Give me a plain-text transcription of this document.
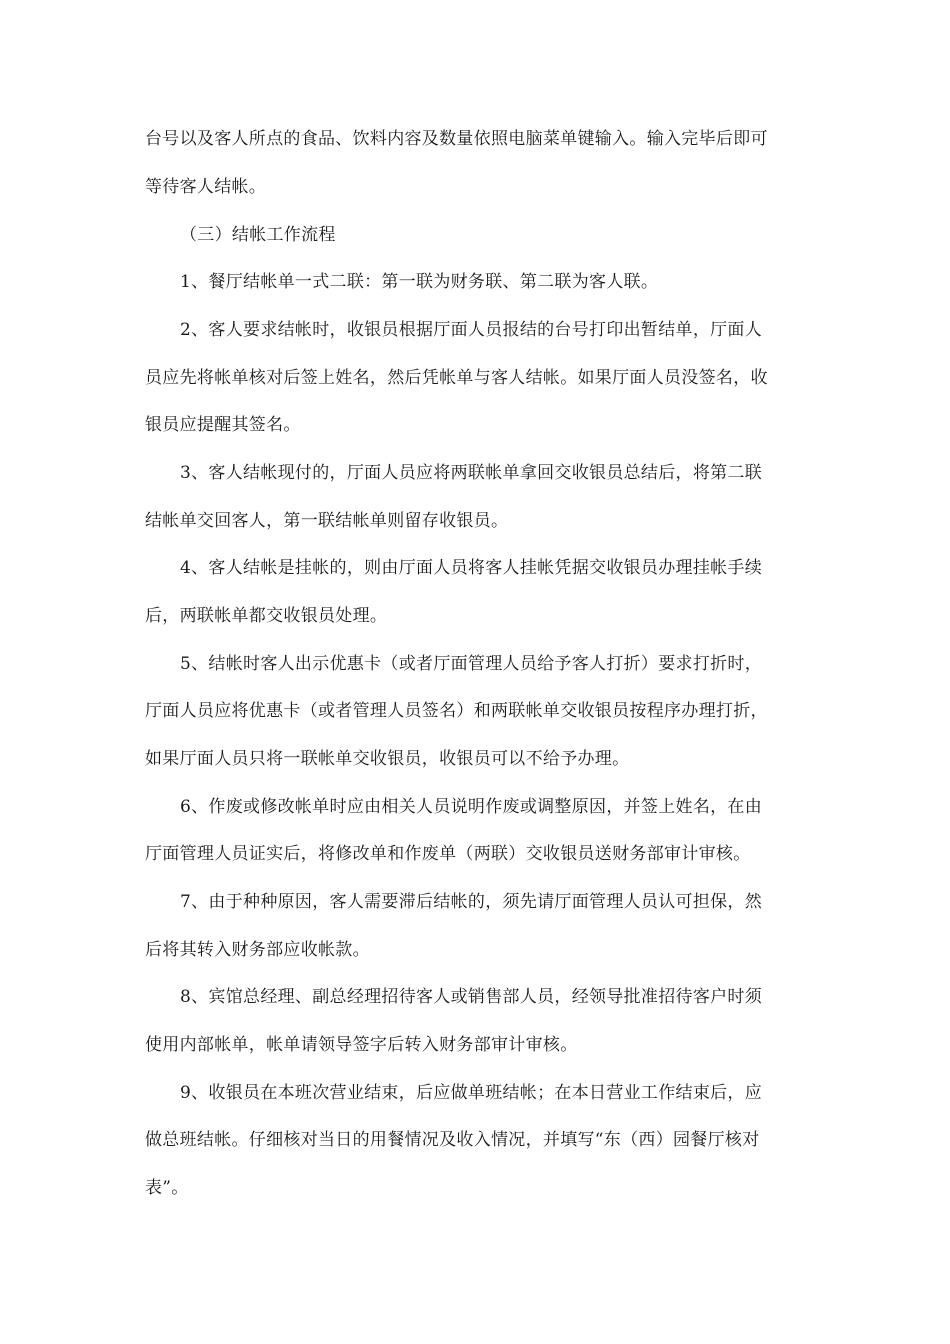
台号以及客人所点的食品、饮料内容及数量依照电脑菜单键输入。输入完毕后即可
等待客人结帐。
（三）结帐工作流程
1、餐厅结帐单一式二联：第一联为财务联、第二联为客人联。
2、客人要求结帐时，收银员根据厅面人员报结的台号打印出暂结单，厅面人
员应先将帐单核对后签上姓名，然后凭帐单与客人结帐。如果厅面人员没签名，收
银员应提醒其签名。
3、客人结帐现付的，厅面人员应将两联帐单拿回交收银员总结后，将第二联
结帐单交回客人，第一联结帐单则留存收银员。
4、客人结帐是挂帐的，则由厅面人员将客人挂帐凭据交收银员办理挂帐手续
后，两联帐单都交收银员处理。
5、结帐时客人出示优惠卡（或者厅面管理人员给予客人打折）要求打折时，
厅面人员应将优惠卡（或者管理人员签名）和两联帐单交收银员按程序办理打折，
如果厅面人员只将一联帐单交收银员，收银员可以不给予办理。
6、作废或修改帐单时应由相关人员说明作废或调整原因，并签上姓名，在由
厅面管理人员证实后，将修改单和作废单（两联）交收银员送财务部审计审核。
7、由于种种原因，客人需要滞后结帐的，须先请厅面管理人员认可担保，然
后将其转入财务部应收帐款。
8、宾馆总经理、副总经理招待客人或销售部人员，经领导批准招待客户时须
使用内部帐单，帐单请领导签字后转入财务部审计审核。
9、收银员在本班次营业结束，后应做单班结帐；在本日营业工作结束后，应
做总班结帐。仔细核对当日的用餐情况及收入情况，并填写“东（西）园餐厅核对
表”。
